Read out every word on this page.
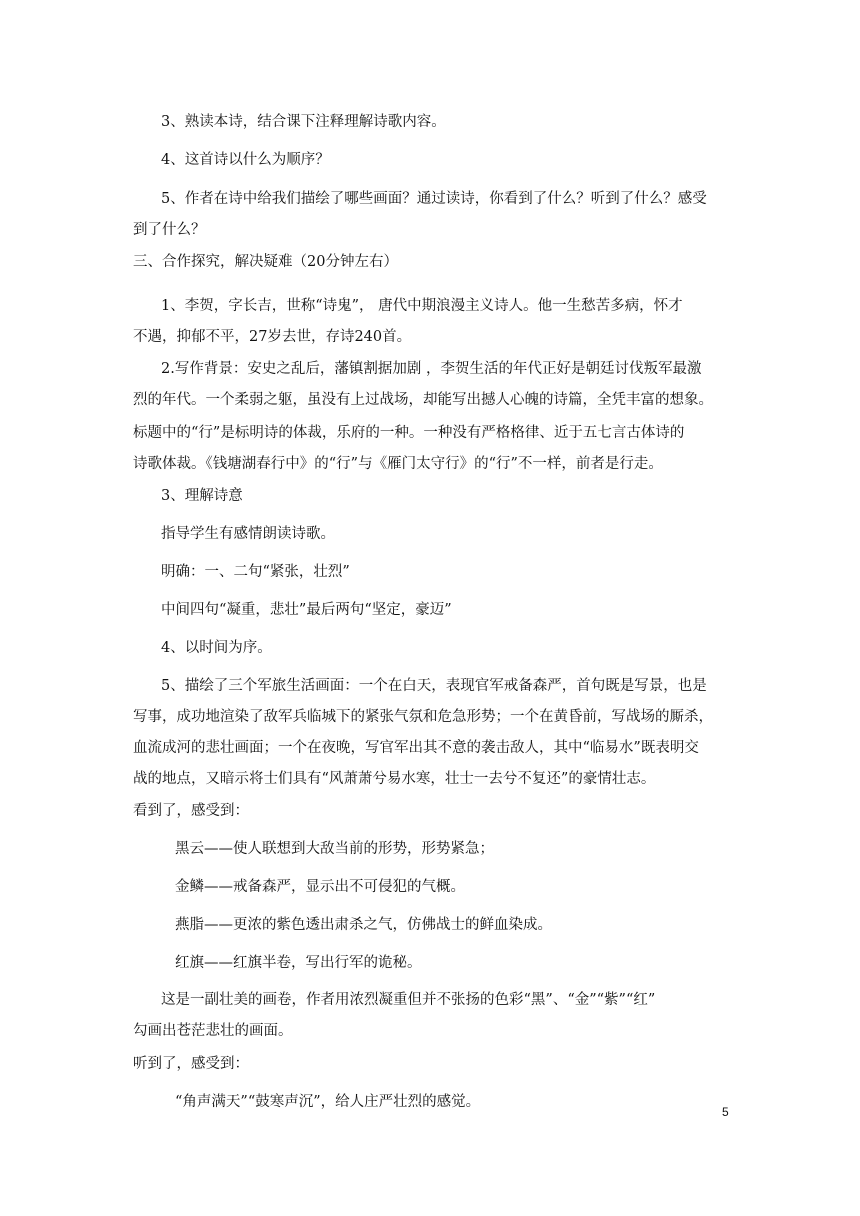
3、熟读本诗，结合课下注释理解诗歌内容。

4、这首诗以什么为顺序？

5、作者在诗中给我们描绘了哪些画面？通过读诗，你看到了什么？听到了什么？感受
到了什么？

三、合作探究，解决疑难（20分钟左右）

1、李贺，字长吉，世称“诗鬼”， 唐代中期浪漫主义诗人。他一生愁苦多病，怀才
不遇，抑郁不平，27岁去世，存诗240首。

2.写作背景：安史之乱后，藩镇割据加剧 ，李贺生活的年代正好是朝廷讨伐叛军最激
烈的年代。一个柔弱之躯，虽没有上过战场，却能写出撼人心魄的诗篇，全凭丰富的想象。

标题中的“行”是标明诗的体裁，乐府的一种。一种没有严格格律、近于五七言古体诗的
诗歌体裁。《钱塘湖春行中》的“行”与《雁门太守行》的“行”不一样，前者是行走。

3、理解诗意

指导学生有感情朗读诗歌。

明确：一、二句“紧张，壮烈”

中间四句“凝重，悲壮”最后两句“坚定，豪迈”

4、以时间为序。

5、描绘了三个军旅生活画面：一个在白天，表现官军戒备森严，首句既是写景，也是
写事，成功地渲染了敌军兵临城下的紧张气氛和危急形势；一个在黄昏前，写战场的厮杀，
血流成河的悲壮画面；一个在夜晚，写官军出其不意的袭击敌人，其中“临易水”既表明交
战的地点，又暗示将士们具有“风萧萧兮易水寒，壮士一去兮不复还”的豪情壮志。

看到了，感受到：

黑云——使人联想到大敌当前的形势，形势紧急；

金鳞——戒备森严，显示出不可侵犯的气概。

燕脂——更浓的紫色透出肃杀之气，仿佛战士的鲜血染成。

红旗——红旗半卷，写出行军的诡秘。

这是一副壮美的画卷，作者用浓烈凝重但并不张扬的色彩“黑”、“金”“紫”“红”
勾画出苍茫悲壮的画面。

听到了，感受到：

“角声满天”“鼓寒声沉”，给人庄严壮烈的感觉。

5
